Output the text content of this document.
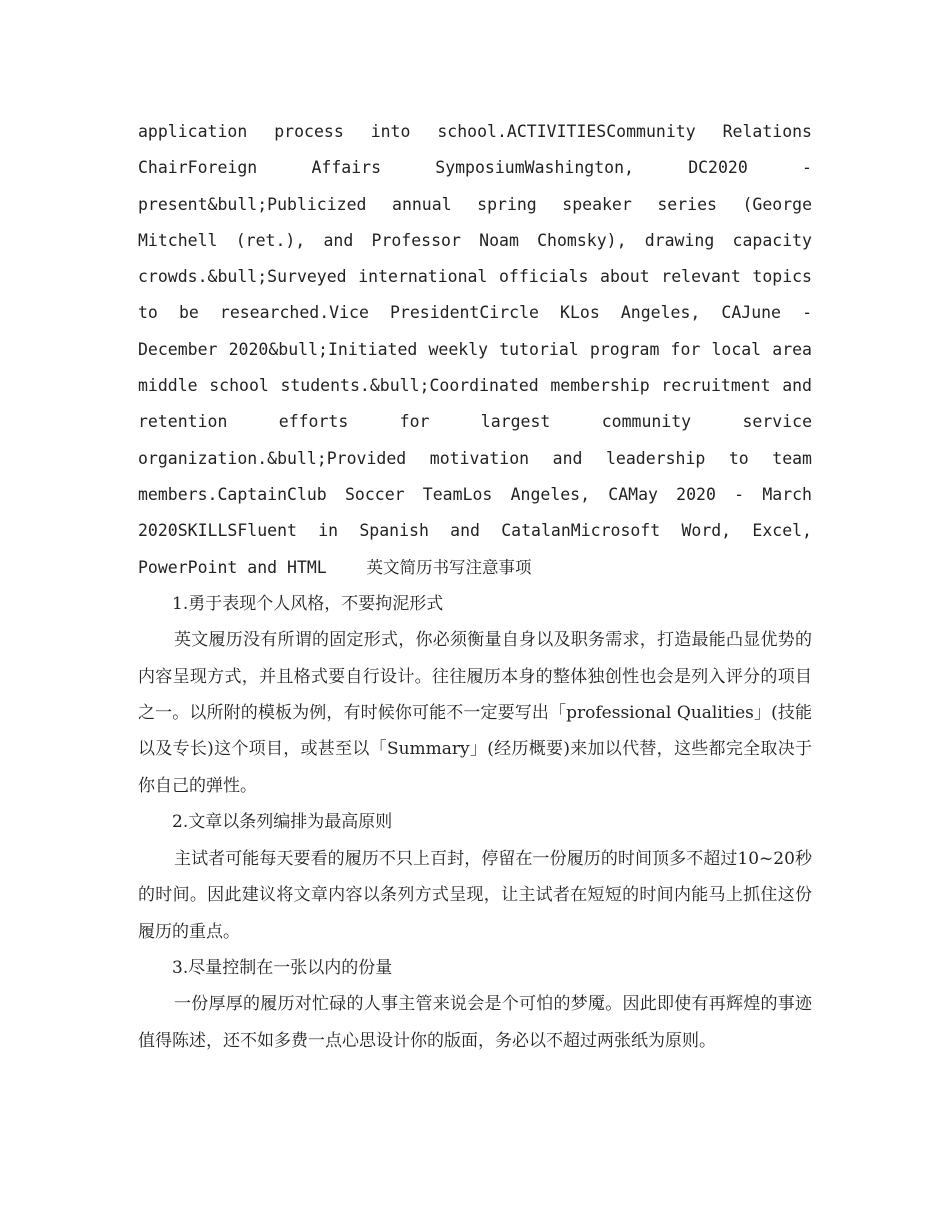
application process into school.ACTIVITIESCommunity Relations ChairForeign Affairs SymposiumWashington, DC2020 - present&bull;Publicized annual spring speaker series (George Mitchell (ret.), and Professor Noam Chomsky), drawing capacity crowds.&bull;Surveyed international officials about relevant topics to be researched.Vice PresidentCircle KLos Angeles, CAJune - December 2020&bull;Initiated weekly tutorial program for local area middle school students.&bull;Coordinated membership recruitment and retention efforts for largest community service organization.&bull;Provided motivation and leadership to team members.CaptainClub Soccer TeamLos Angeles, CAMay 2020 - March 2020SKILLSFluent in Spanish and CatalanMicrosoft Word, Excel, PowerPoint and HTML 英文简历书写注意事项

1.勇于表现个人风格，不要拘泥形式

英文履历没有所谓的固定形式，你必须衡量自身以及职务需求，打造最能凸显优势的内容呈现方式，并且格式要自行设计。往往履历本身的整体独创性也会是列入评分的项目之一。以所附的模板为例，有时候你可能不一定要写出「professional Qualities」(技能以及专长)这个项目，或甚至以「Summary」(经历概要)来加以代替，这些都完全取决于你自己的弹性。

2.文章以条列编排为最高原则

主试者可能每天要看的履历不只上百封，停留在一份履历的时间顶多不超过10~20秒的时间。因此建议将文章内容以条列方式呈现，让主试者在短短的时间内能马上抓住这份履历的重点。

3.尽量控制在一张以内的份量

一份厚厚的履历对忙碌的人事主管来说会是个可怕的梦魇。因此即使有再辉煌的事迹值得陈述，还不如多费一点心思设计你的版面，务必以不超过两张纸为原则。
